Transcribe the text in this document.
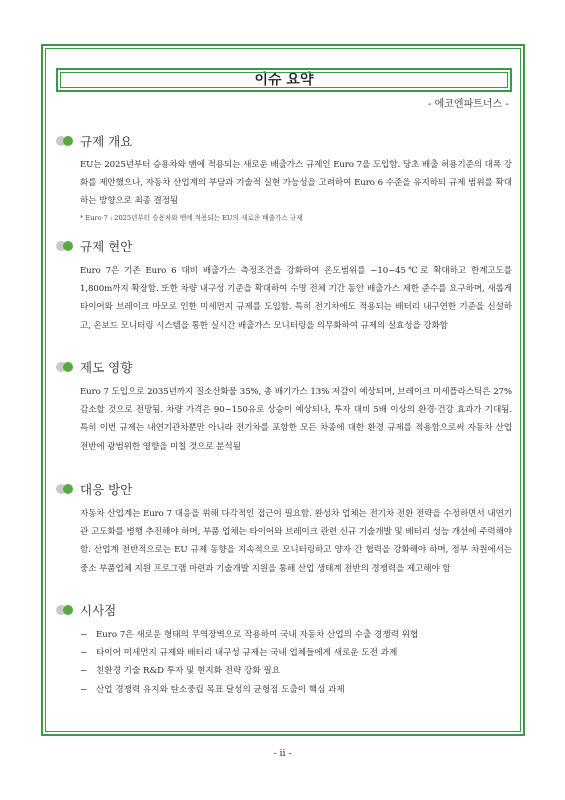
이슈 요약
- 에코엔파트너스 -
규제 개요

EU는 2025년부터 승용차와 밴에 적용되는 새로운 배출가스 규제인 Euro 7을 도입함. 당초 배출 허용기준의 대폭 강화를 제안했으나, 자동차 산업계의 부담과 기술적 실현 가능성을 고려하여 Euro 6 수준을 유지하되 규제 범위를 확대하는 방향으로 최종 결정됨

* Euro 7 : 2025년부터 승용차와 밴에 적용되는 EU의 새로운 배출가스 규제
규제 현안

Euro 7은 기존 Euro 6 대비 배출가스 측정조건을 강화하여 온도범위를 −10~45℃로 확대하고 한계고도를 1,800m까지 확장함. 또한 차량 내구성 기준을 확대하여 수명 전체 기간 동안 배출가스 제한 준수를 요구하며, 새롭게 타이어와 브레이크 마모로 인한 미세먼지 규제를 도입함. 특히 전기차에도 적용되는 배터리 내구연한 기준을 신설하고, 온보드 모니터링 시스템을 통한 실시간 배출가스 모니터링을 의무화하여 규제의 실효성을 강화함

제도 영향

Euro 7 도입으로 2035년까지 질소산화물 35%, 총 배기가스 13% 저감이 예상되며, 브레이크 미세플라스틱은 27% 감소할 것으로 전망됨. 차량 가격은 90~150유로 상승이 예상되나, 투자 대비 5배 이상의 환경·건강 효과가 기대됨. 특히 이번 규제는 내연기관차뿐만 아니라 전기차를 포함한 모든 차종에 대한 환경 규제를 적용함으로써 자동차 산업 전반에 광범위한 영향을 미칠 것으로 분석됨

대응 방안

자동차 산업계는 Euro 7 대응을 위해 다각적인 접근이 필요함. 완성차 업체는 전기차 전환 전략을 수정하면서 내연기관 고도화를 병행 추진해야 하며, 부품 업체는 타이어와 브레이크 관련 신규 기술개발 및 배터리 성능 개선에 주력해야 함. 산업계 전반적으로는 EU 규제 동향을 지속적으로 모니터링하고 양자 간 협력을 강화해야 하며, 정부 차원에서는 중소 부품업체 지원 프로그램 마련과 기술개발 지원을 통해 산업 생태계 전반의 경쟁력을 제고해야 함

시사점
− Euro 7은 새로운 형태의 무역장벽으로 작용하여 국내 자동차 산업의 수출 경쟁력 위협
− 타이어 미세먼지 규제와 배터리 내구성 규제는 국내 업체들에게 새로운 도전 과제
− 친환경 기술 R&D 투자 및 현지화 전략 강화 필요
− 산업 경쟁력 유지와 탄소중립 목표 달성의 균형점 도출이 핵심 과제
- ii -
